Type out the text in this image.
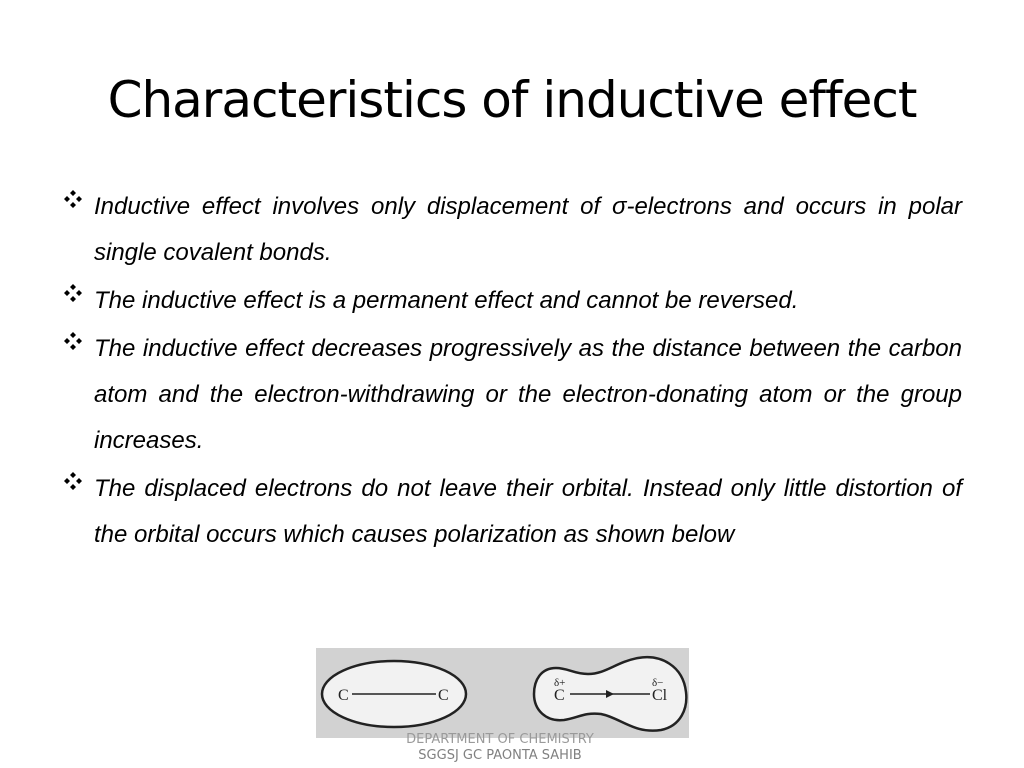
Characteristics of inductive effect
Inductive effect involves only displacement of σ-electrons and occurs in polar single covalent bonds.
The inductive effect is a permanent effect and cannot be reversed.
The inductive effect decreases progressively as the distance between the carbon atom and the electron-withdrawing or the electron-donating atom or the group increases.
The displaced electrons do not leave their orbital. Instead only little distortion of the orbital occurs which causes polarization as shown below
C	C
δ+	δ−
C	Cl
DEPARTMENT OF CHEMISTRY
SGGSJ GC PAONTA SAHIB
